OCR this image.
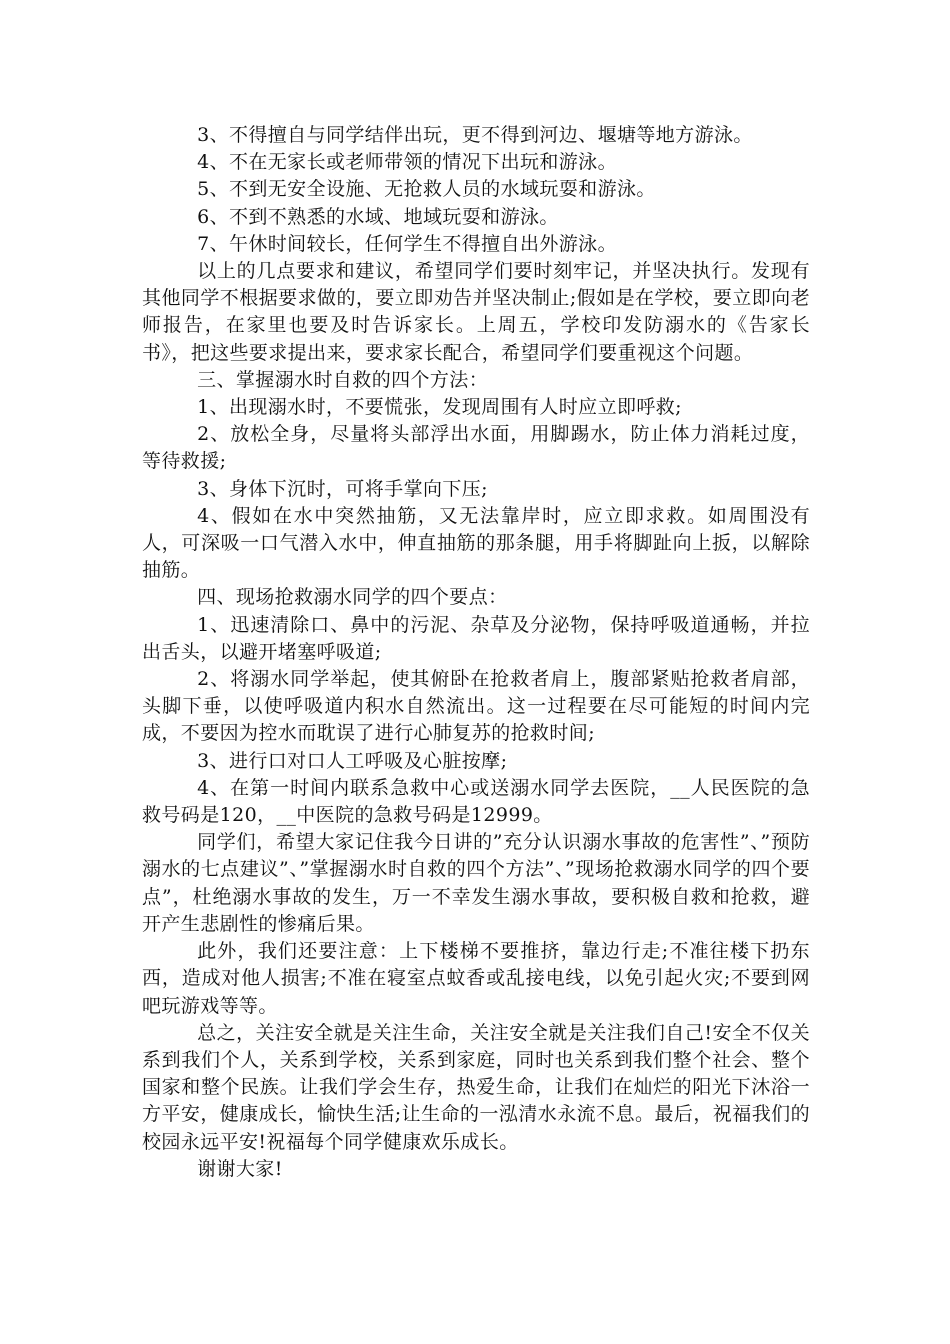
3、不得擅自与同学结伴出玩，更不得到河边、堰塘等地方游泳。

4、不在无家长或老师带领的情况下出玩和游泳。

5、不到无安全设施、无抢救人员的水域玩耍和游泳。

6、不到不熟悉的水域、地域玩耍和游泳。

7、午休时间较长，任何学生不得擅自出外游泳。

以上的几点要求和建议，希望同学们要时刻牢记，并坚决执行。发现有其他同学不根据要求做的，要立即劝告并坚决制止;假如是在学校，要立即向老师报告，在家里也要及时告诉家长。上周五，学校印发防溺水的《告家长书》，把这些要求提出来，要求家长配合，希望同学们要重视这个问题。

三、掌握溺水时自救的四个方法：

1、出现溺水时，不要慌张，发现周围有人时应立即呼救;

2、放松全身，尽量将头部浮出水面，用脚踢水，防止体力消耗过度，等待救援;

3、身体下沉时，可将手掌向下压;

4、假如在水中突然抽筋，又无法靠岸时，应立即求救。如周围没有人，可深吸一口气潜入水中，伸直抽筋的那条腿，用手将脚趾向上扳，以解除抽筋。

四、现场抢救溺水同学的四个要点：

1、迅速清除口、鼻中的污泥、杂草及分泌物，保持呼吸道通畅，并拉出舌头，以避开堵塞呼吸道;

2、将溺水同学举起，使其俯卧在抢救者肩上，腹部紧贴抢救者肩部，头脚下垂，以使呼吸道内积水自然流出。这一过程要在尽可能短的时间内完成，不要因为控水而耽误了进行心肺复苏的抢救时间;

3、进行口对口人工呼吸及心脏按摩;

4、在第一时间内联系急救中心或送溺水同学去医院，__人民医院的急救号码是120，__中医院的急救号码是12999。

同学们，希望大家记住我今日讲的”充分认识溺水事故的危害性”、”预防溺水的七点建议”、”掌握溺水时自救的四个方法”、”现场抢救溺水同学的四个要点”，杜绝溺水事故的发生，万一不幸发生溺水事故，要积极自救和抢救，避开产生悲剧性的惨痛后果。

此外，我们还要注意：上下楼梯不要推挤，靠边行走;不准往楼下扔东西，造成对他人损害;不准在寝室点蚊香或乱接电线，以免引起火灾;不要到网吧玩游戏等等。

总之，关注安全就是关注生命，关注安全就是关注我们自己!安全不仅关系到我们个人，关系到学校，关系到家庭，同时也关系到我们整个社会、整个国家和整个民族。让我们学会生存，热爱生命，让我们在灿烂的阳光下沐浴一方平安，健康成长，愉快生活;让生命的一泓清水永流不息。最后，祝福我们的校园永远平安!祝福每个同学健康欢乐成长。

谢谢大家!
